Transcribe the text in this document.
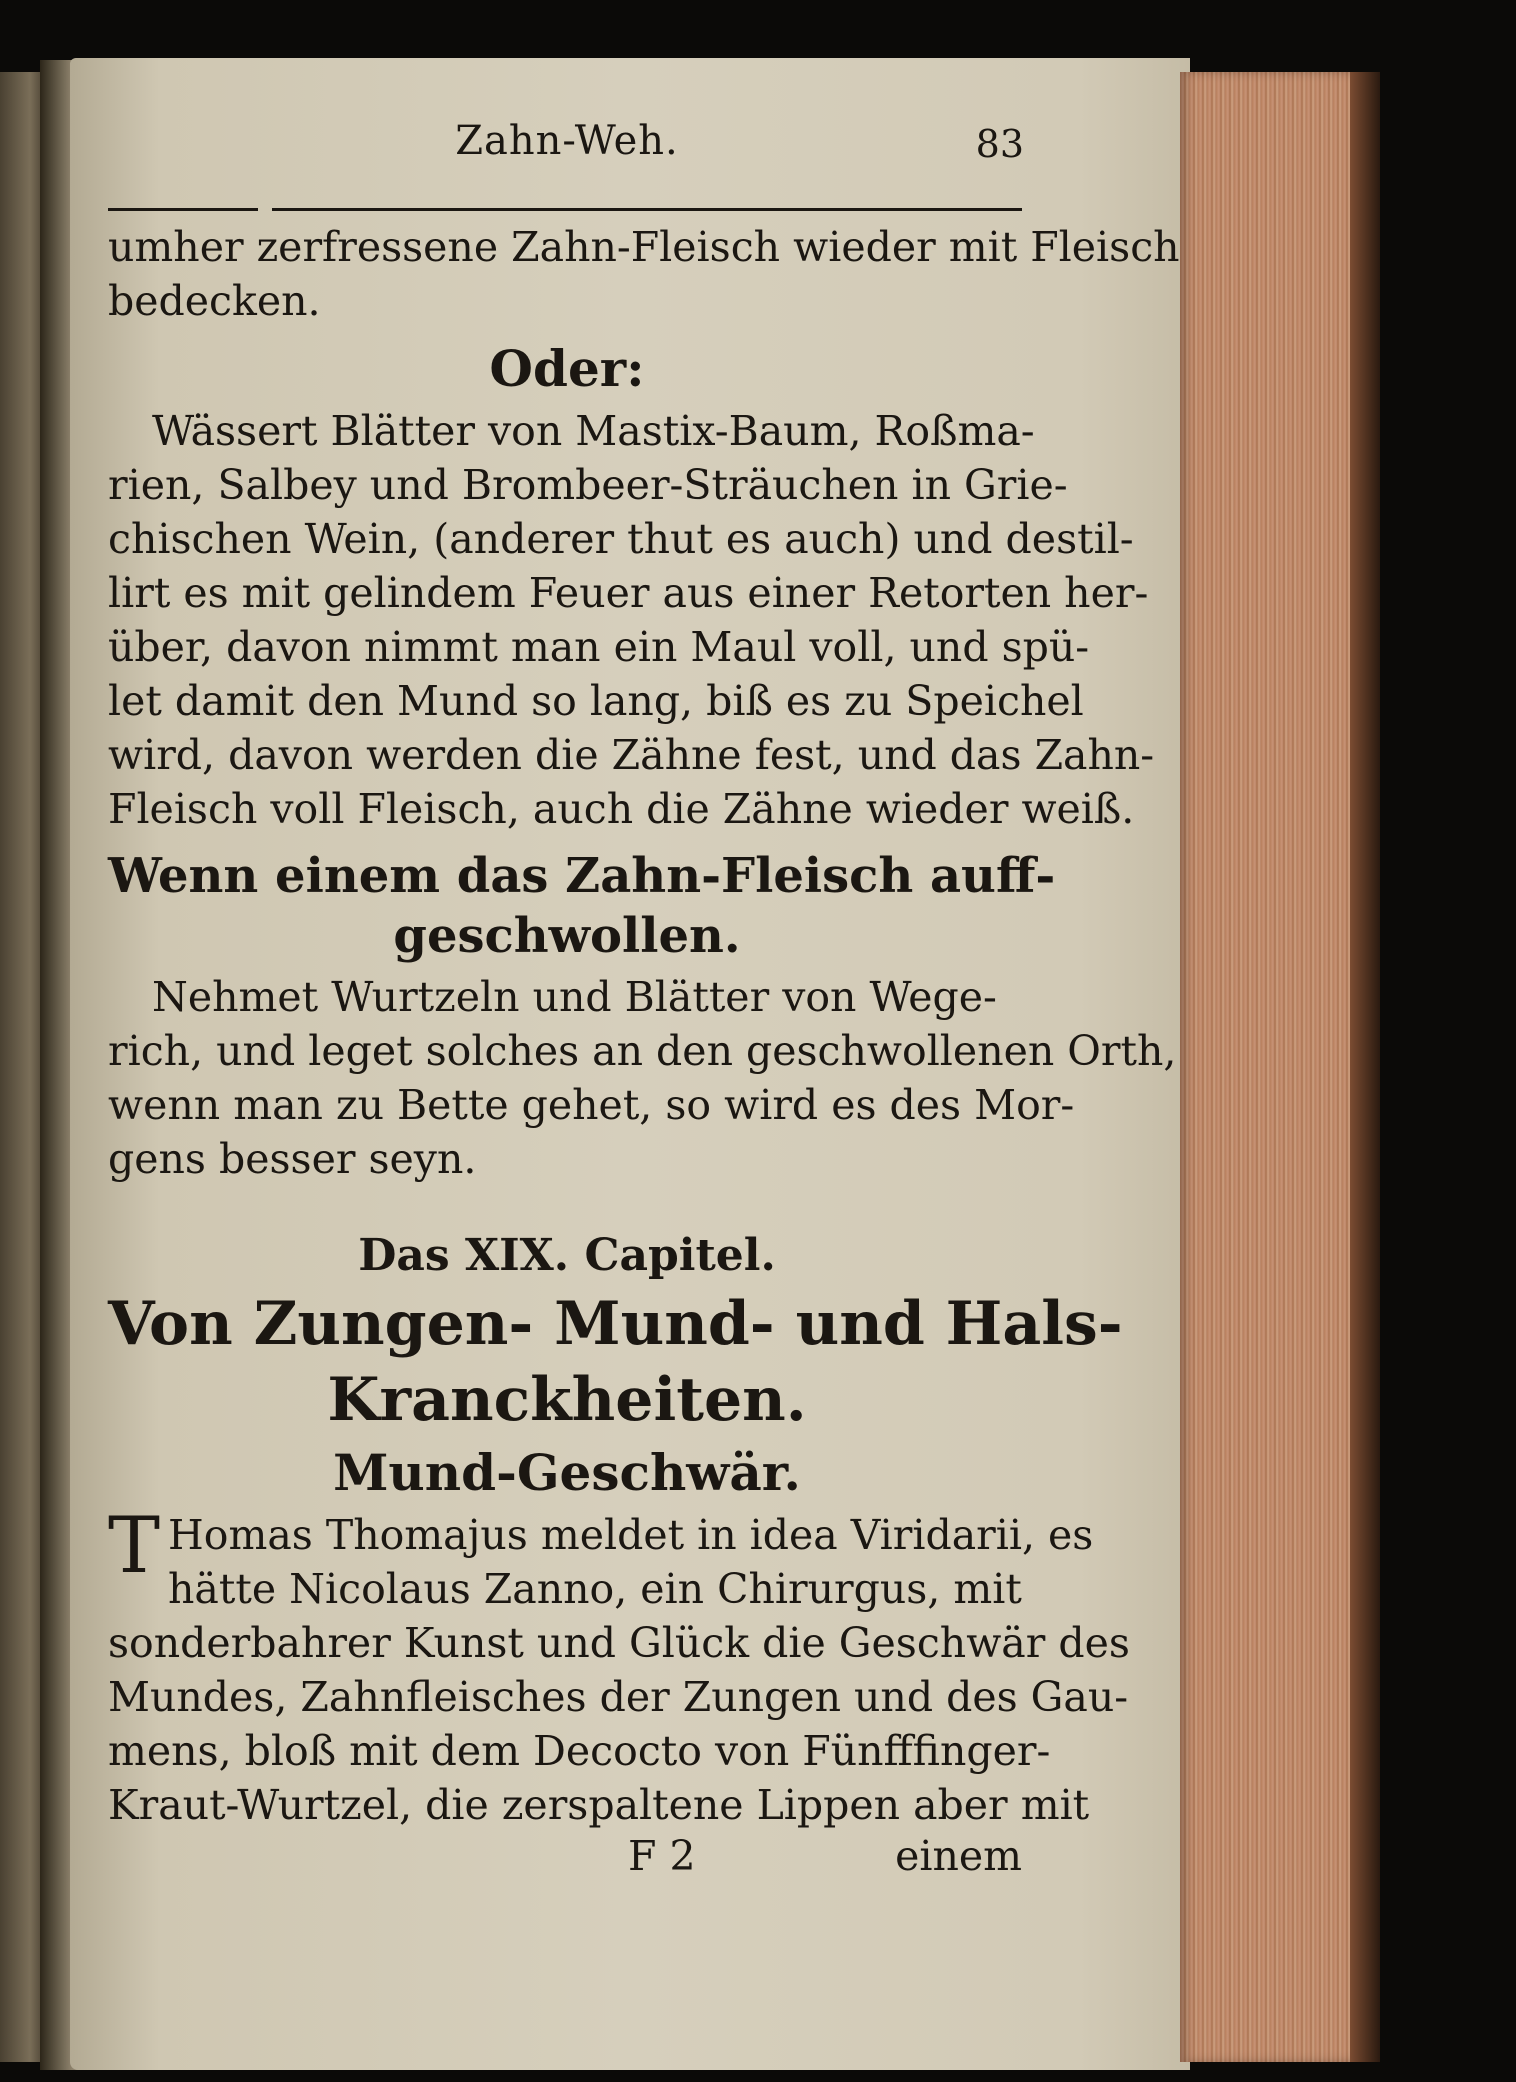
Zahn-Weh.	83

umher zerfressene Zahn-Fleisch wieder mit Fleisch
bedecken.

Oder:

Wässert Blätter von Mastix-Baum, Roßma-
rien, Salbey und Brombeer-Sträuchen in Grie-
chischen Wein, (anderer thut es auch) und destil-
lirt es mit gelindem Feuer aus einer Retorten her-
über, davon nimmt man ein Maul voll, und spü-
let damit den Mund so lang, biß es zu Speichel
wird, davon werden die Zähne fest, und das Zahn-
Fleisch voll Fleisch, auch die Zähne wieder weiß.

Wenn einem das Zahn-Fleisch auff-
geschwollen.

Nehmet Wurtzeln und Blätter von Wege-
rich, und leget solches an den geschwollenen Orth,
wenn man zu Bette gehet, so wird es des Mor-
gens besser seyn.

Das XIX. Capitel.

Von Zungen- Mund- und Hals-
Kranckheiten.

Mund-Geschwär.

T Homas Thomajus meldet in idea Viridarii, es
hätte Nicolaus Zanno, ein Chirurgus, mit
sonderbahrer Kunst und Glück die Geschwär des
Mundes, Zahnfleisches der Zungen und des Gau-
mens, bloß mit dem Decocto von Fünfffinger-
Kraut-Wurtzel, die zerspaltene Lippen aber mit
F 2	einem
